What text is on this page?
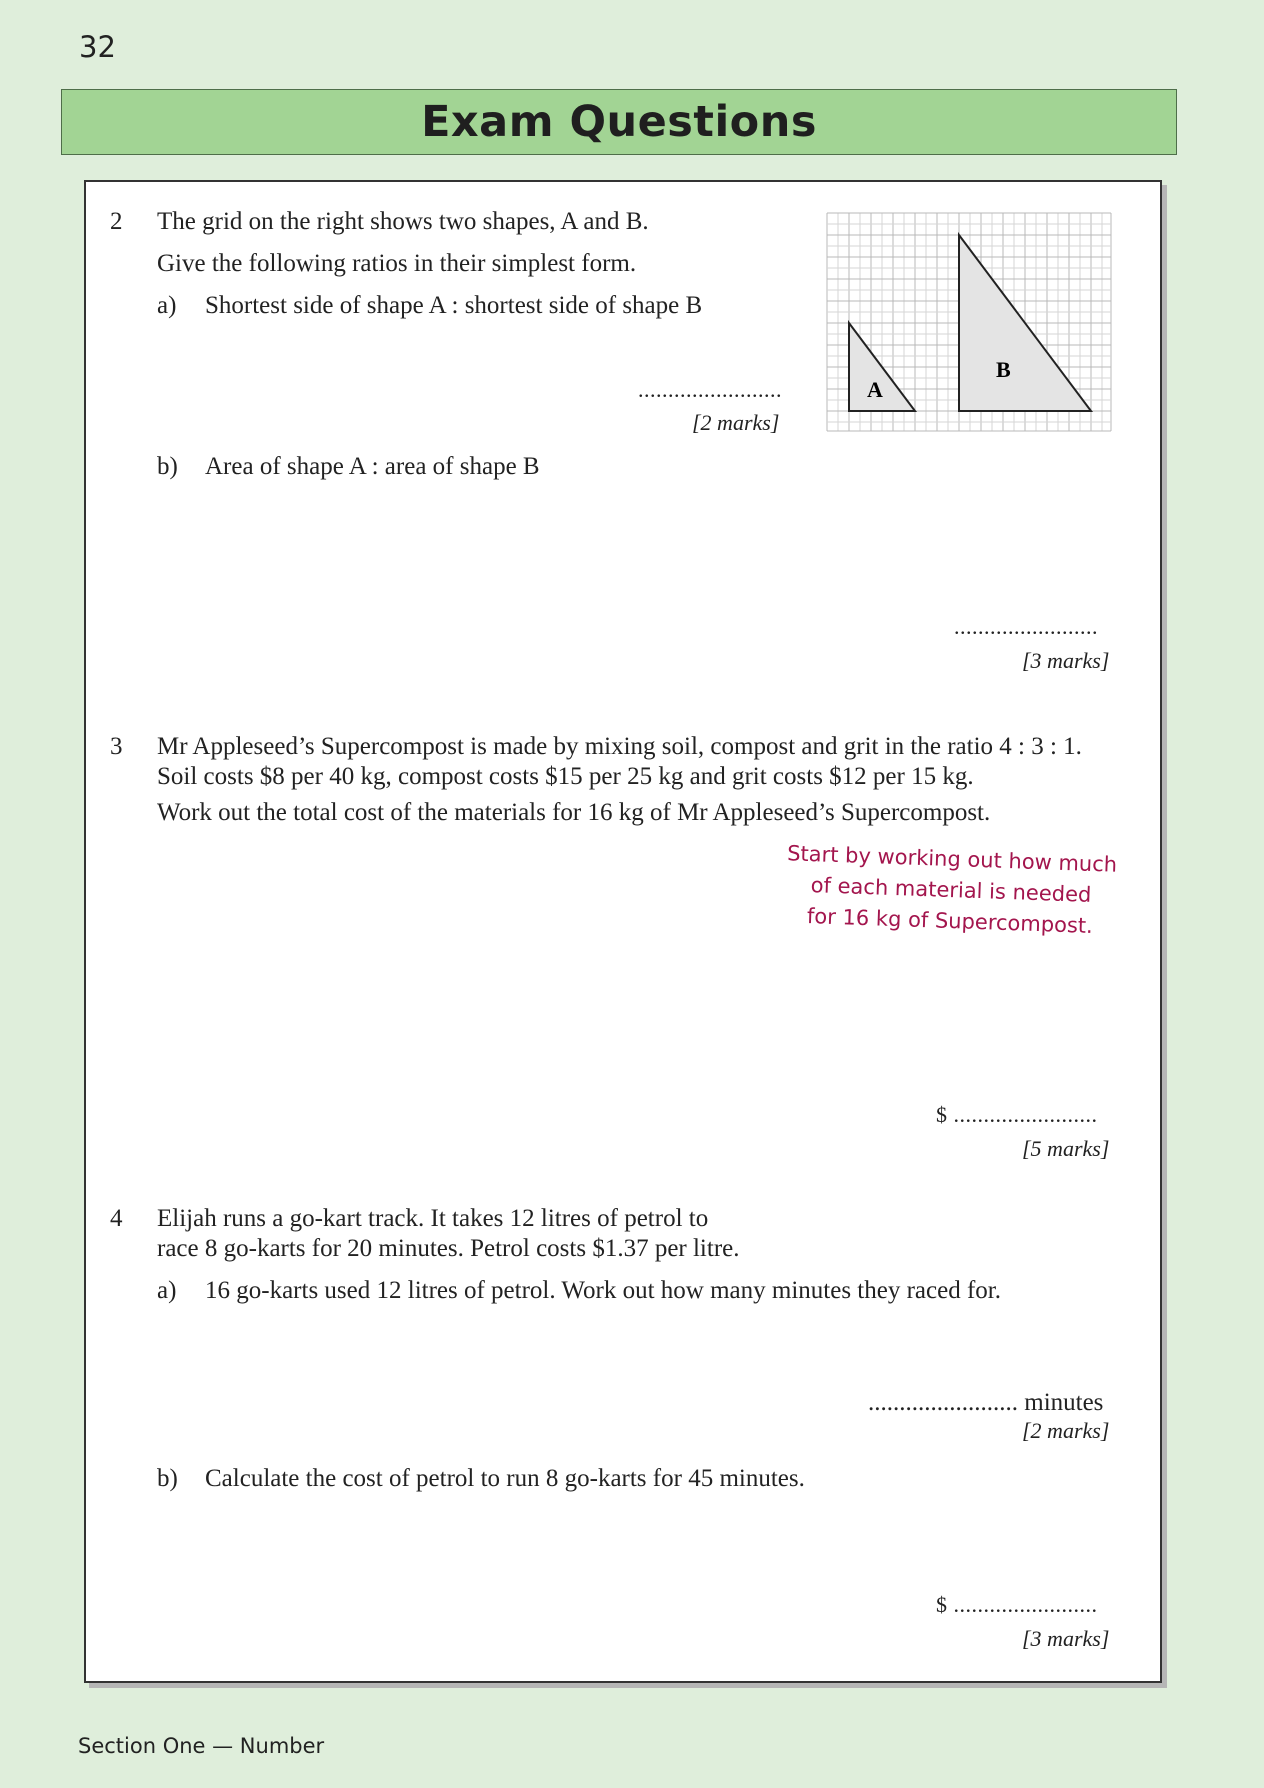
32
Exam Questions
2 The grid on the right shows two shapes, A and B.
Give the following ratios in their simplest form.
a) Shortest side of shape A : shortest side of shape B
........................
[2 marks]
A
B
b) Area of shape A : area of shape B
........................
[3 marks]
3 Mr Appleseed’s Supercompost is made by mixing soil, compost and grit in the ratio 4 : 3 : 1.
Soil costs $8 per 40 kg, compost costs $15 per 25 kg and grit costs $12 per 15 kg.
Work out the total cost of the materials for 16 kg of Mr Appleseed’s Supercompost.
Start by working out how much
of each material is needed
for 16 kg of Supercompost.
$ ........................
[5 marks]
4 Elijah runs a go-kart track. It takes 12 litres of petrol to
race 8 go-karts for 20 minutes. Petrol costs $1.37 per litre.
a) 16 go-karts used 12 litres of petrol. Work out how many minutes they raced for.
........................ minutes
[2 marks]
b) Calculate the cost of petrol to run 8 go-karts for 45 minutes.
$ ........................
[3 marks]
Section One — Number
